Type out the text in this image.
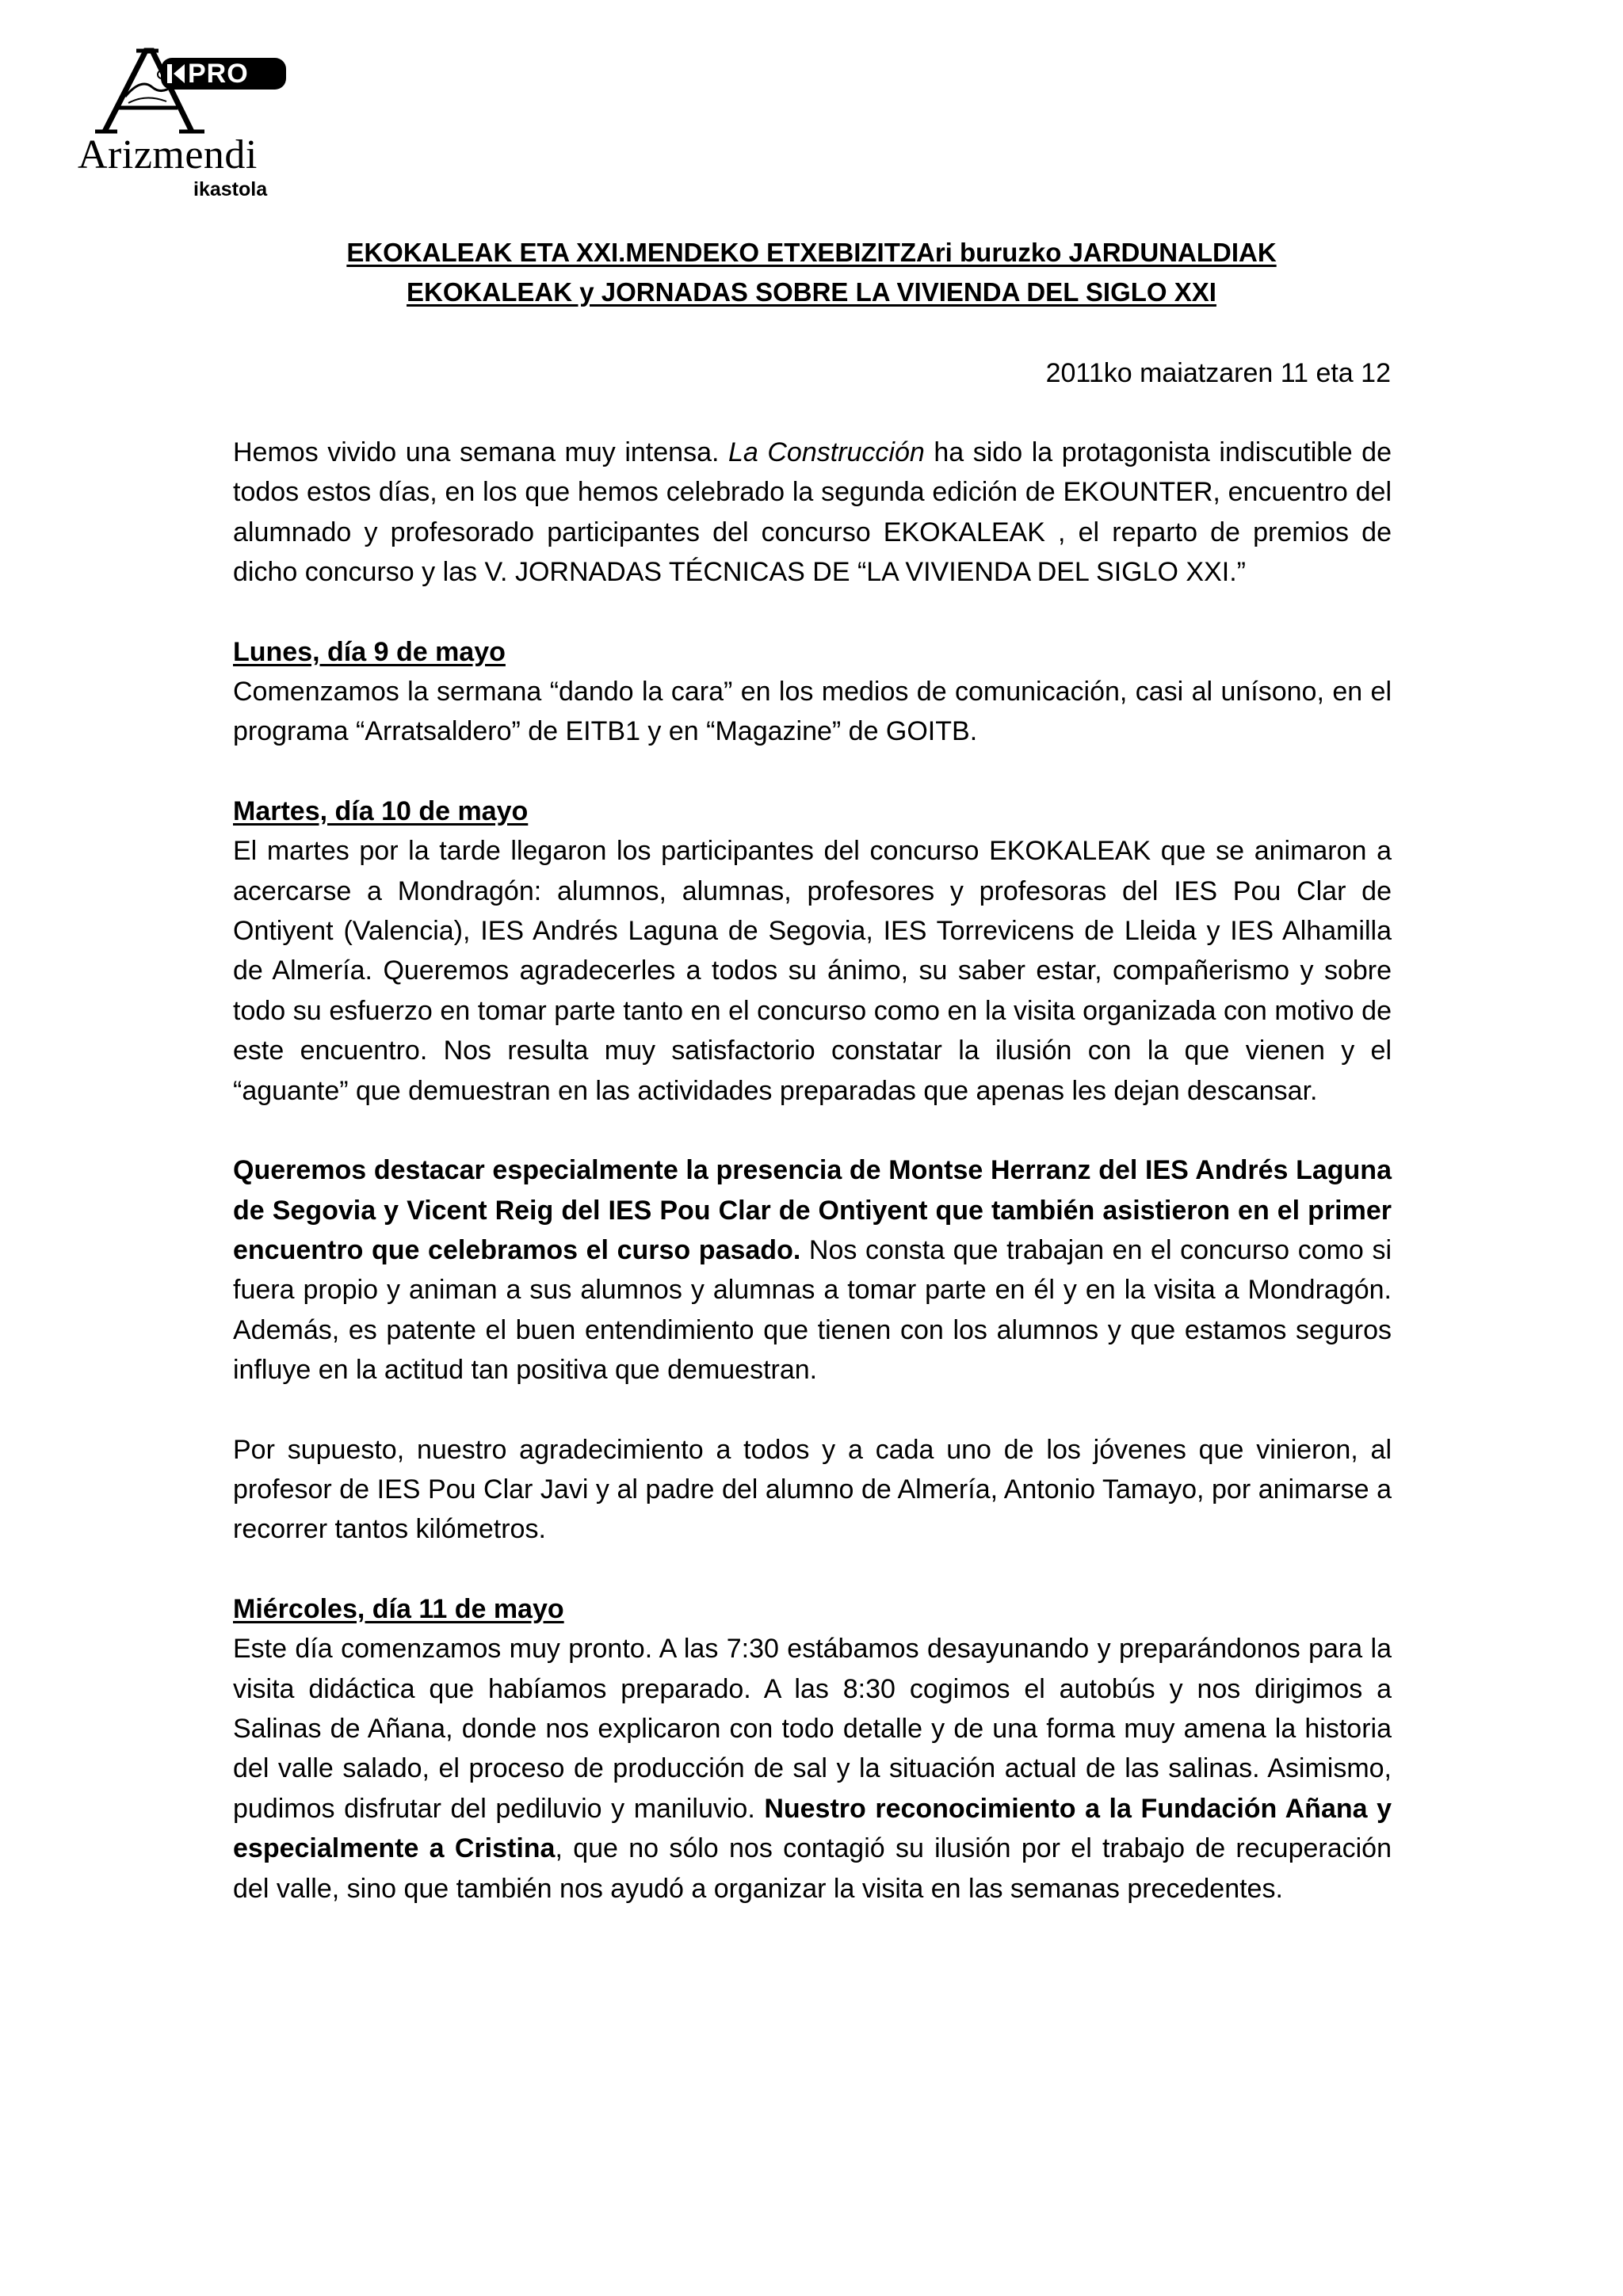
PRO
Arizmendi
ikastola
EKOKALEAK ETA XXI.MENDEKO ETXEBIZITZAri buruzko JARDUNALDIAK
EKOKALEAK y JORNADAS SOBRE LA VIVIENDA DEL SIGLO XXI
2011ko maiatzaren 11 eta 12

Hemos vivido una semana muy intensa. La Construcción ha sido la protagonista indiscutible de todos estos días, en los que hemos celebrado la segunda edición de EKOUNTER, encuentro del alumnado y profesorado participantes del concurso EKOKALEAK , el reparto de premios de dicho concurso y las V. JORNADAS TÉCNICAS DE “LA VIVIENDA DEL SIGLO XXI.”

Lunes, día 9 de mayo

Comenzamos la sermana “dando la cara” en los medios de comunicación, casi al unísono, en el programa “Arratsaldero” de EITB1 y en “Magazine” de GOITB.

Martes, día 10 de mayo

El martes por la tarde llegaron los participantes del concurso EKOKALEAK que se animaron a acercarse a Mondragón: alumnos, alumnas, profesores y profesoras del IES Pou Clar de Ontiyent (Valencia), IES Andrés Laguna de Segovia, IES Torrevicens de Lleida y IES Alhamilla de Almería. Queremos agradecerles a todos su ánimo, su saber estar, compañerismo y sobre todo su esfuerzo en tomar parte tanto en el concurso como en la visita organizada con motivo de este encuentro. Nos resulta muy satisfactorio constatar la ilusión con la que vienen y el “aguante” que demuestran en las actividades preparadas que apenas les dejan descansar.

Queremos destacar especialmente la presencia de Montse Herranz del IES Andrés Laguna de Segovia y Vicent Reig del IES Pou Clar de Ontiyent que también asistieron en el primer encuentro que celebramos el curso pasado. Nos consta que trabajan en el concurso como si fuera propio y animan a sus alumnos y alumnas a tomar parte en él y en la visita a Mondragón. Además, es patente el buen entendimiento que tienen con los alumnos y que estamos seguros influye en la actitud tan positiva que demuestran.

Por supuesto, nuestro agradecimiento a todos y a cada uno de los jóvenes que vinieron, al profesor de IES Pou Clar Javi y al padre del alumno de Almería, Antonio Tamayo, por animarse a recorrer tantos kilómetros.

Miércoles, día 11 de mayo

Este día comenzamos muy pronto. A las 7:30 estábamos desayunando y preparándonos para la visita didáctica que habíamos preparado. A las 8:30 cogimos el autobús y nos dirigimos a Salinas de Añana, donde nos explicaron con todo detalle y de una forma muy amena la historia del valle salado, el proceso de producción de sal y la situación actual de las salinas. Asimismo, pudimos disfrutar del pediluvio y maniluvio. Nuestro reconocimiento a la Fundación Añana y especialmente a Cristina, que no sólo nos contagió su ilusión por el trabajo de recuperación del valle, sino que también nos ayudó a organizar la visita en las semanas precedentes.
